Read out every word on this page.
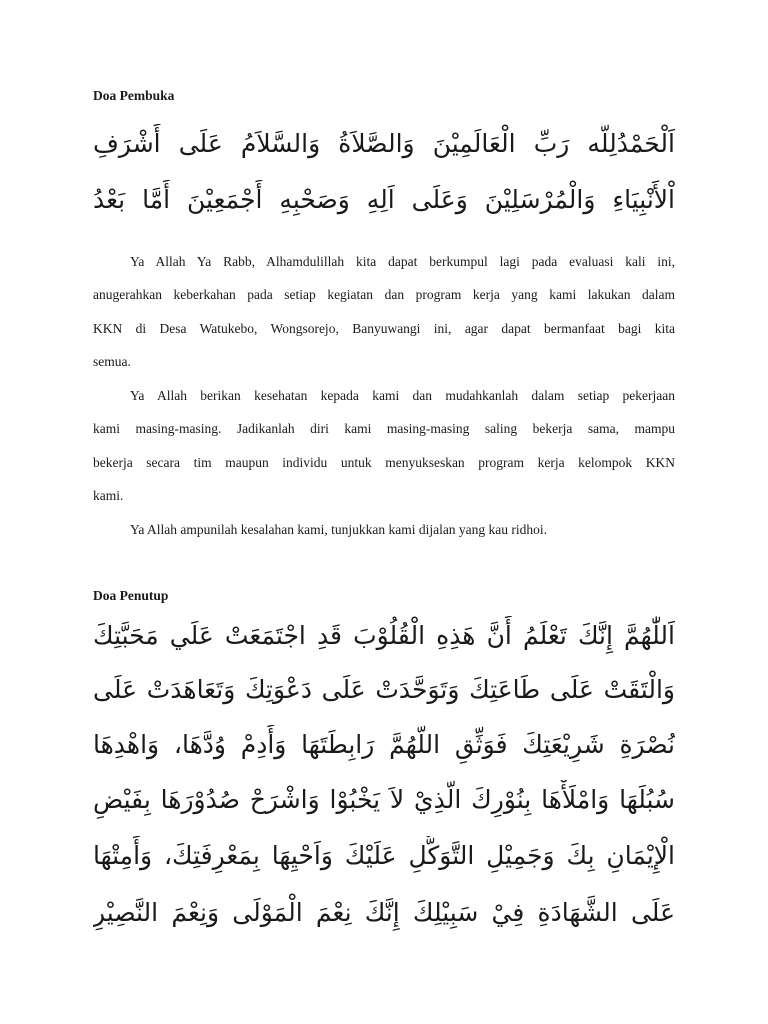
Doa Pembuka
اَلْحَمْدُلِلَّه رَبِّ الْعَالَمِيْنَ وَالصَّلاَةُ وَالسَّلاَمُ عَلَى أَشْرَفِ
اْلأَنْبِيَاءِ وَالْمُرْسَلِيْنَ وَعَلَى اَلِهِ وَصَحْبِهِ أَجْمَعِيْنَ أَمَّا بَعْدُ
Ya Allah Ya Rabb, Alhamdulillah kita dapat berkumpul lagi pada evaluasi kali ini,
anugerahkan keberkahan pada setiap kegiatan dan program kerja yang kami lakukan dalam
KKN di Desa Watukebo, Wongsorejo, Banyuwangi ini, agar dapat bermanfaat bagi kita
semua.
Ya Allah berikan kesehatan kepada kami dan mudahkanlah dalam setiap pekerjaan
kami masing-masing. Jadikanlah diri kami masing-masing saling bekerja sama, mampu
bekerja secara tim maupun individu untuk menyukseskan program kerja kelompok KKN
kami.
Ya Allah ampunilah kesalahan kami, tunjukkan kami dijalan yang kau ridhoi.
Doa Penutup
اَللّٰهُمَّ إِنَّكَ تَعْلَمُ أَنَّ هَذِهِ الْقُلُوْبَ قَدِ اجْتَمَعَتْ عَلَي مَحَبَّتِكَ
وَالْتَقَتْ عَلَى طَاعَتِكَ وَتَوَحَّدَتْ عَلَى دَعْوَتِكَ وَتَعَاهَدَتْ عَلَى
نُصْرَةِ شَرِيْعَتِكَ فَوَثِّقِ اللَّهُمَّ رَابِطَتَهَا وَأَدِمْ وُدَّهَا، وَاهْدِهَا
سُبُلَهَا وَامْلَأْهَا بِنُوْرِكَ الَّذِيْ لاَ يَخْبُوْا وَاشْرَحْ صُدُوْرَهَا بِفَيْضِ
الْإِيْمَانِ بِكَ وَجَمِيْلِ التَّوَكُّلِ عَلَيْكَ وَاَحْيِهَا بِمَعْرِفَتِكَ، وَأَمِتْهَا
عَلَى الشَّهَادَةِ فِيْ سَبِيْلِكَ إِنَّكَ نِعْمَ الْمَوْلَى وَنِعْمَ النَّصِيْرِ
